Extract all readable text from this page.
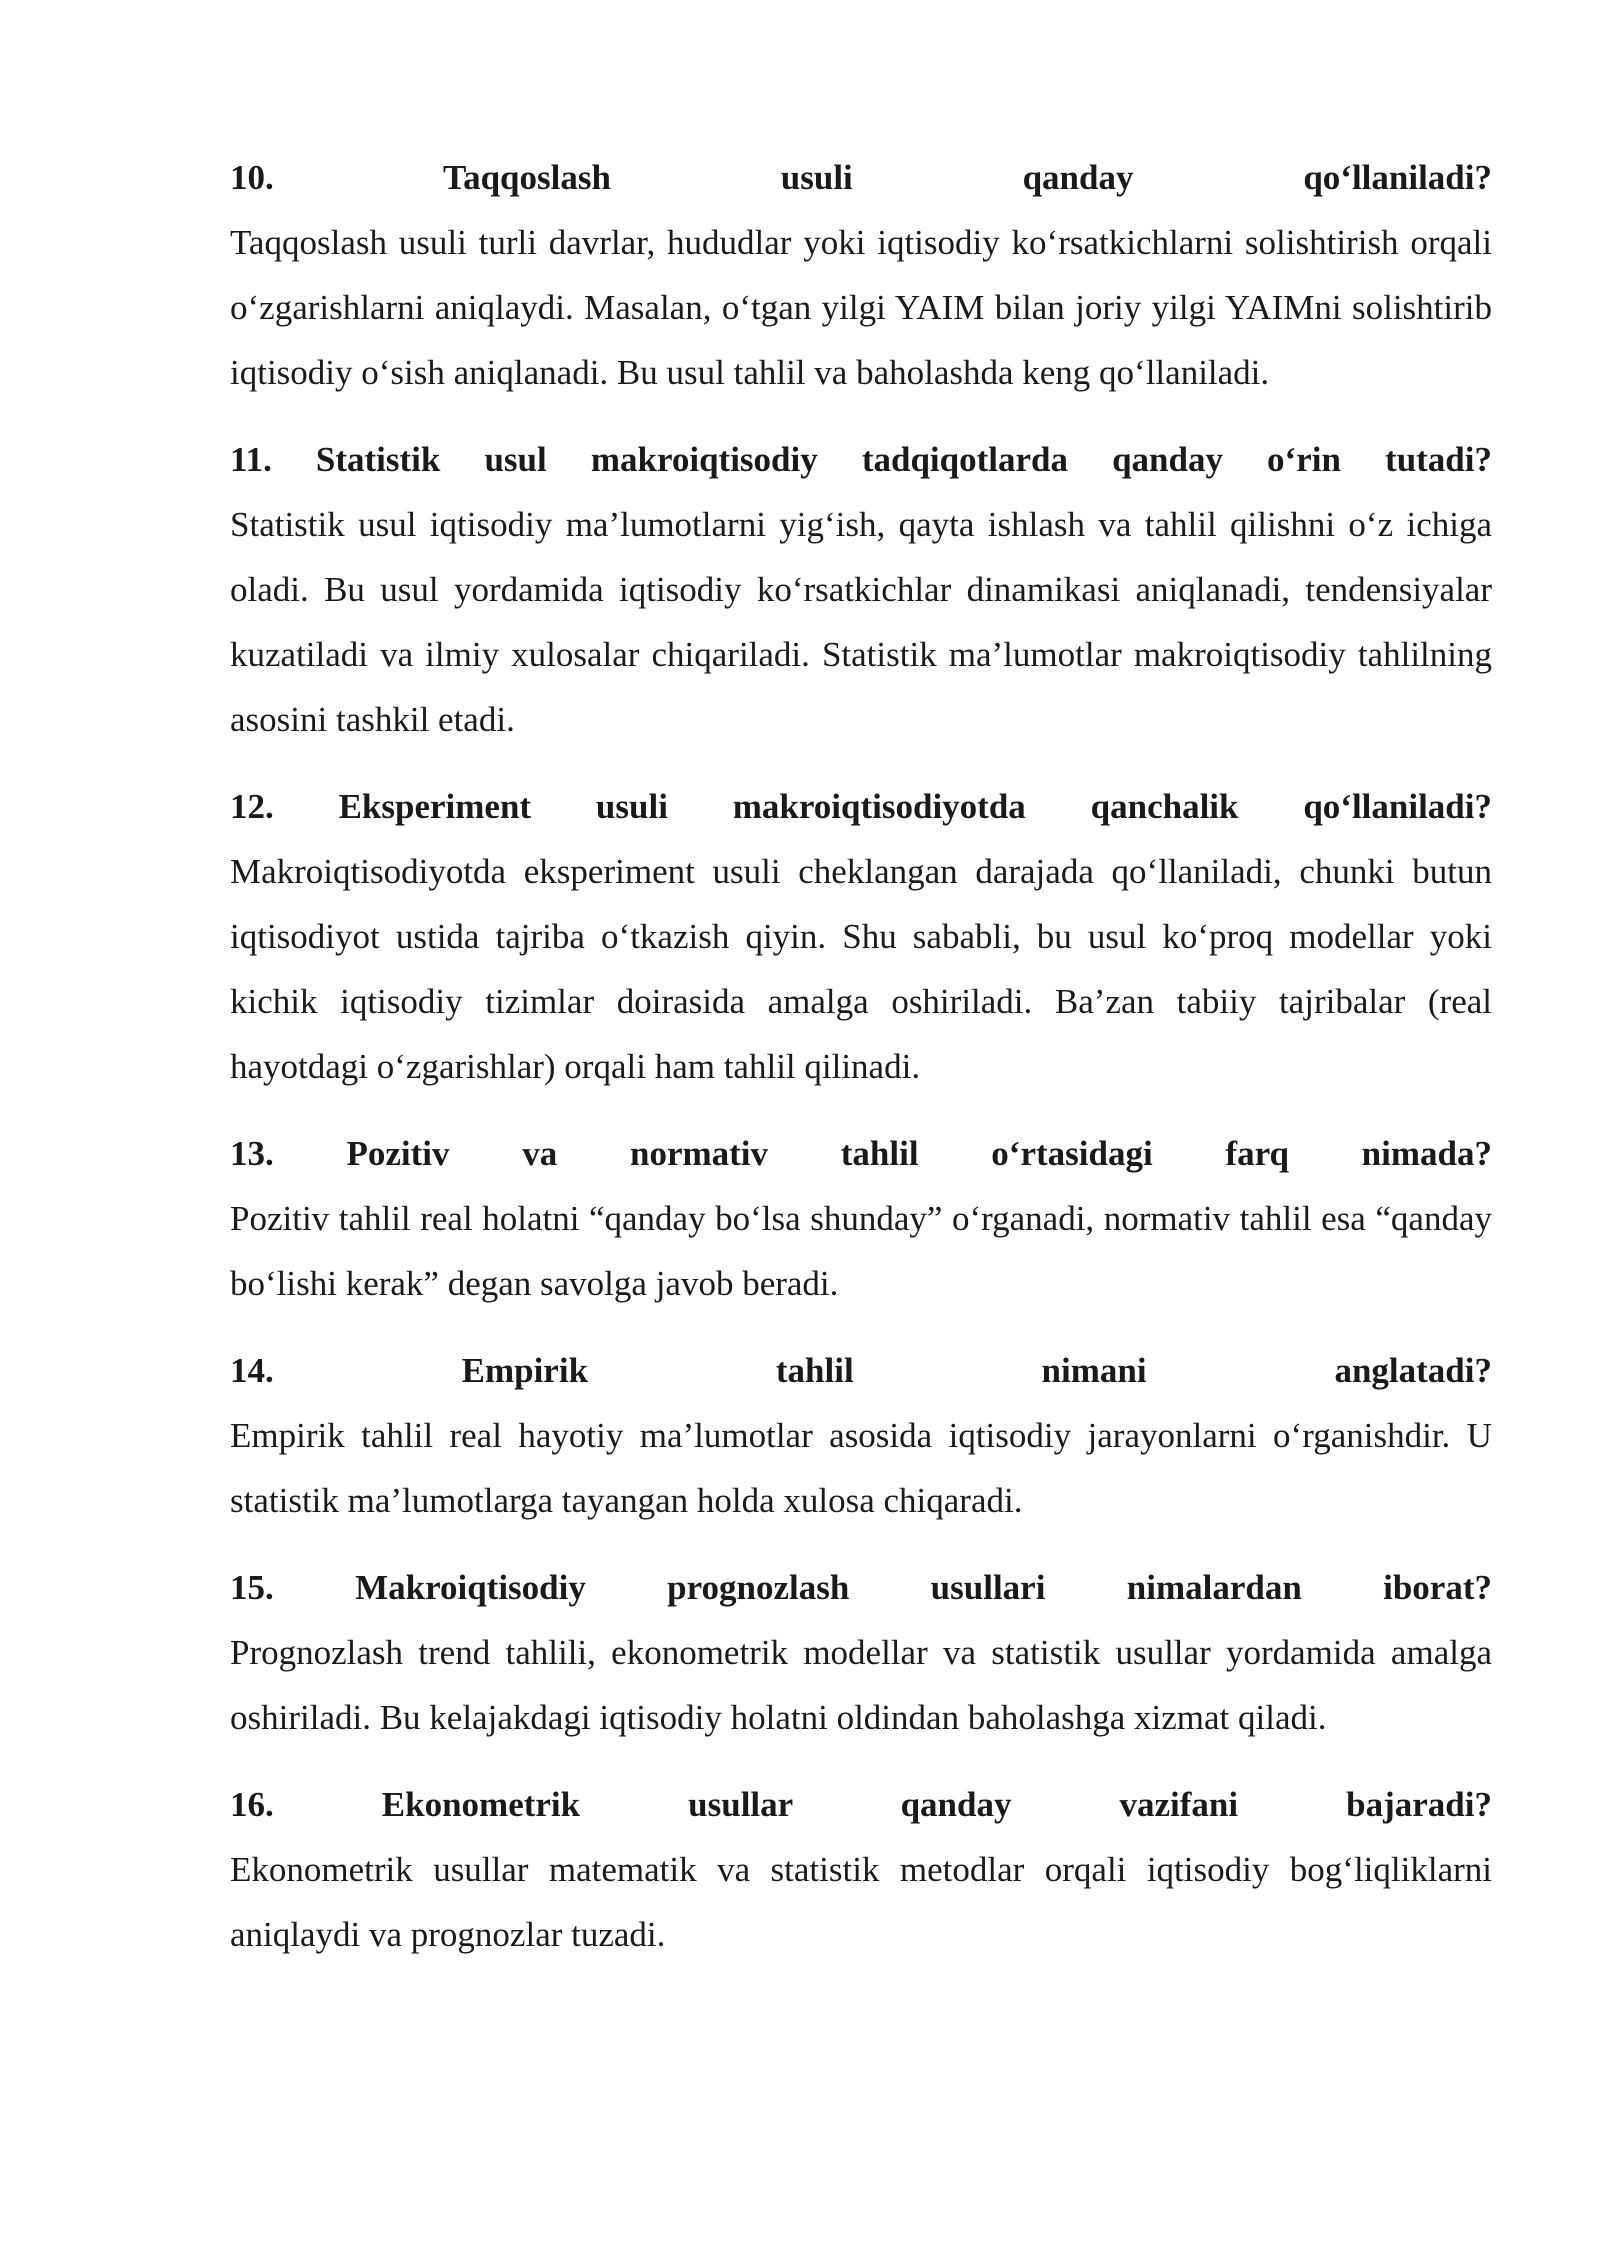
10. Taqqoslash usuli qanday qo‘llaniladi?
Taqqoslash usuli turli davrlar, hududlar yoki iqtisodiy ko‘rsatkichlarni solishtirish orqali o‘zgarishlarni aniqlaydi. Masalan, o‘tgan yilgi YAIM bilan joriy yilgi YAIMni solishtirib iqtisodiy o‘sish aniqlanadi. Bu usul tahlil va baholashda keng qo‘llaniladi.
11. Statistik usul makroiqtisodiy tadqiqotlarda qanday o‘rin tutadi?
Statistik usul iqtisodiy ma’lumotlarni yig‘ish, qayta ishlash va tahlil qilishni o‘z ichiga oladi. Bu usul yordamida iqtisodiy ko‘rsatkichlar dinamikasi aniqlanadi, tendensiyalar kuzatiladi va ilmiy xulosalar chiqariladi. Statistik ma’lumotlar makroiqtisodiy tahlilning asosini tashkil etadi.
12. Eksperiment usuli makroiqtisodiyotda qanchalik qo‘llaniladi?
Makroiqtisodiyotda eksperiment usuli cheklangan darajada qo‘llaniladi, chunki butun iqtisodiyot ustida tajriba o‘tkazish qiyin. Shu sababli, bu usul ko‘proq modellar yoki kichik iqtisodiy tizimlar doirasida amalga oshiriladi. Ba’zan tabiiy tajribalar (real hayotdagi o‘zgarishlar) orqali ham tahlil qilinadi.
13. Pozitiv va normativ tahlil o‘rtasidagi farq nimada?
Pozitiv tahlil real holatni “qanday bo‘lsa shunday” o‘rganadi, normativ tahlil esa “qanday bo‘lishi kerak” degan savolga javob beradi.
14. Empirik tahlil nimani anglatadi?
Empirik tahlil real hayotiy ma’lumotlar asosida iqtisodiy jarayonlarni o‘rganishdir. U statistik ma’lumotlarga tayangan holda xulosa chiqaradi.
15. Makroiqtisodiy prognozlash usullari nimalardan iborat?
Prognozlash trend tahlili, ekonometrik modellar va statistik usullar yordamida amalga oshiriladi. Bu kelajakdagi iqtisodiy holatni oldindan baholashga xizmat qiladi.
16. Ekonometrik usullar qanday vazifani bajaradi?
Ekonometrik usullar matematik va statistik metodlar orqali iqtisodiy bog‘liqliklarni aniqlaydi va prognozlar tuzadi.
